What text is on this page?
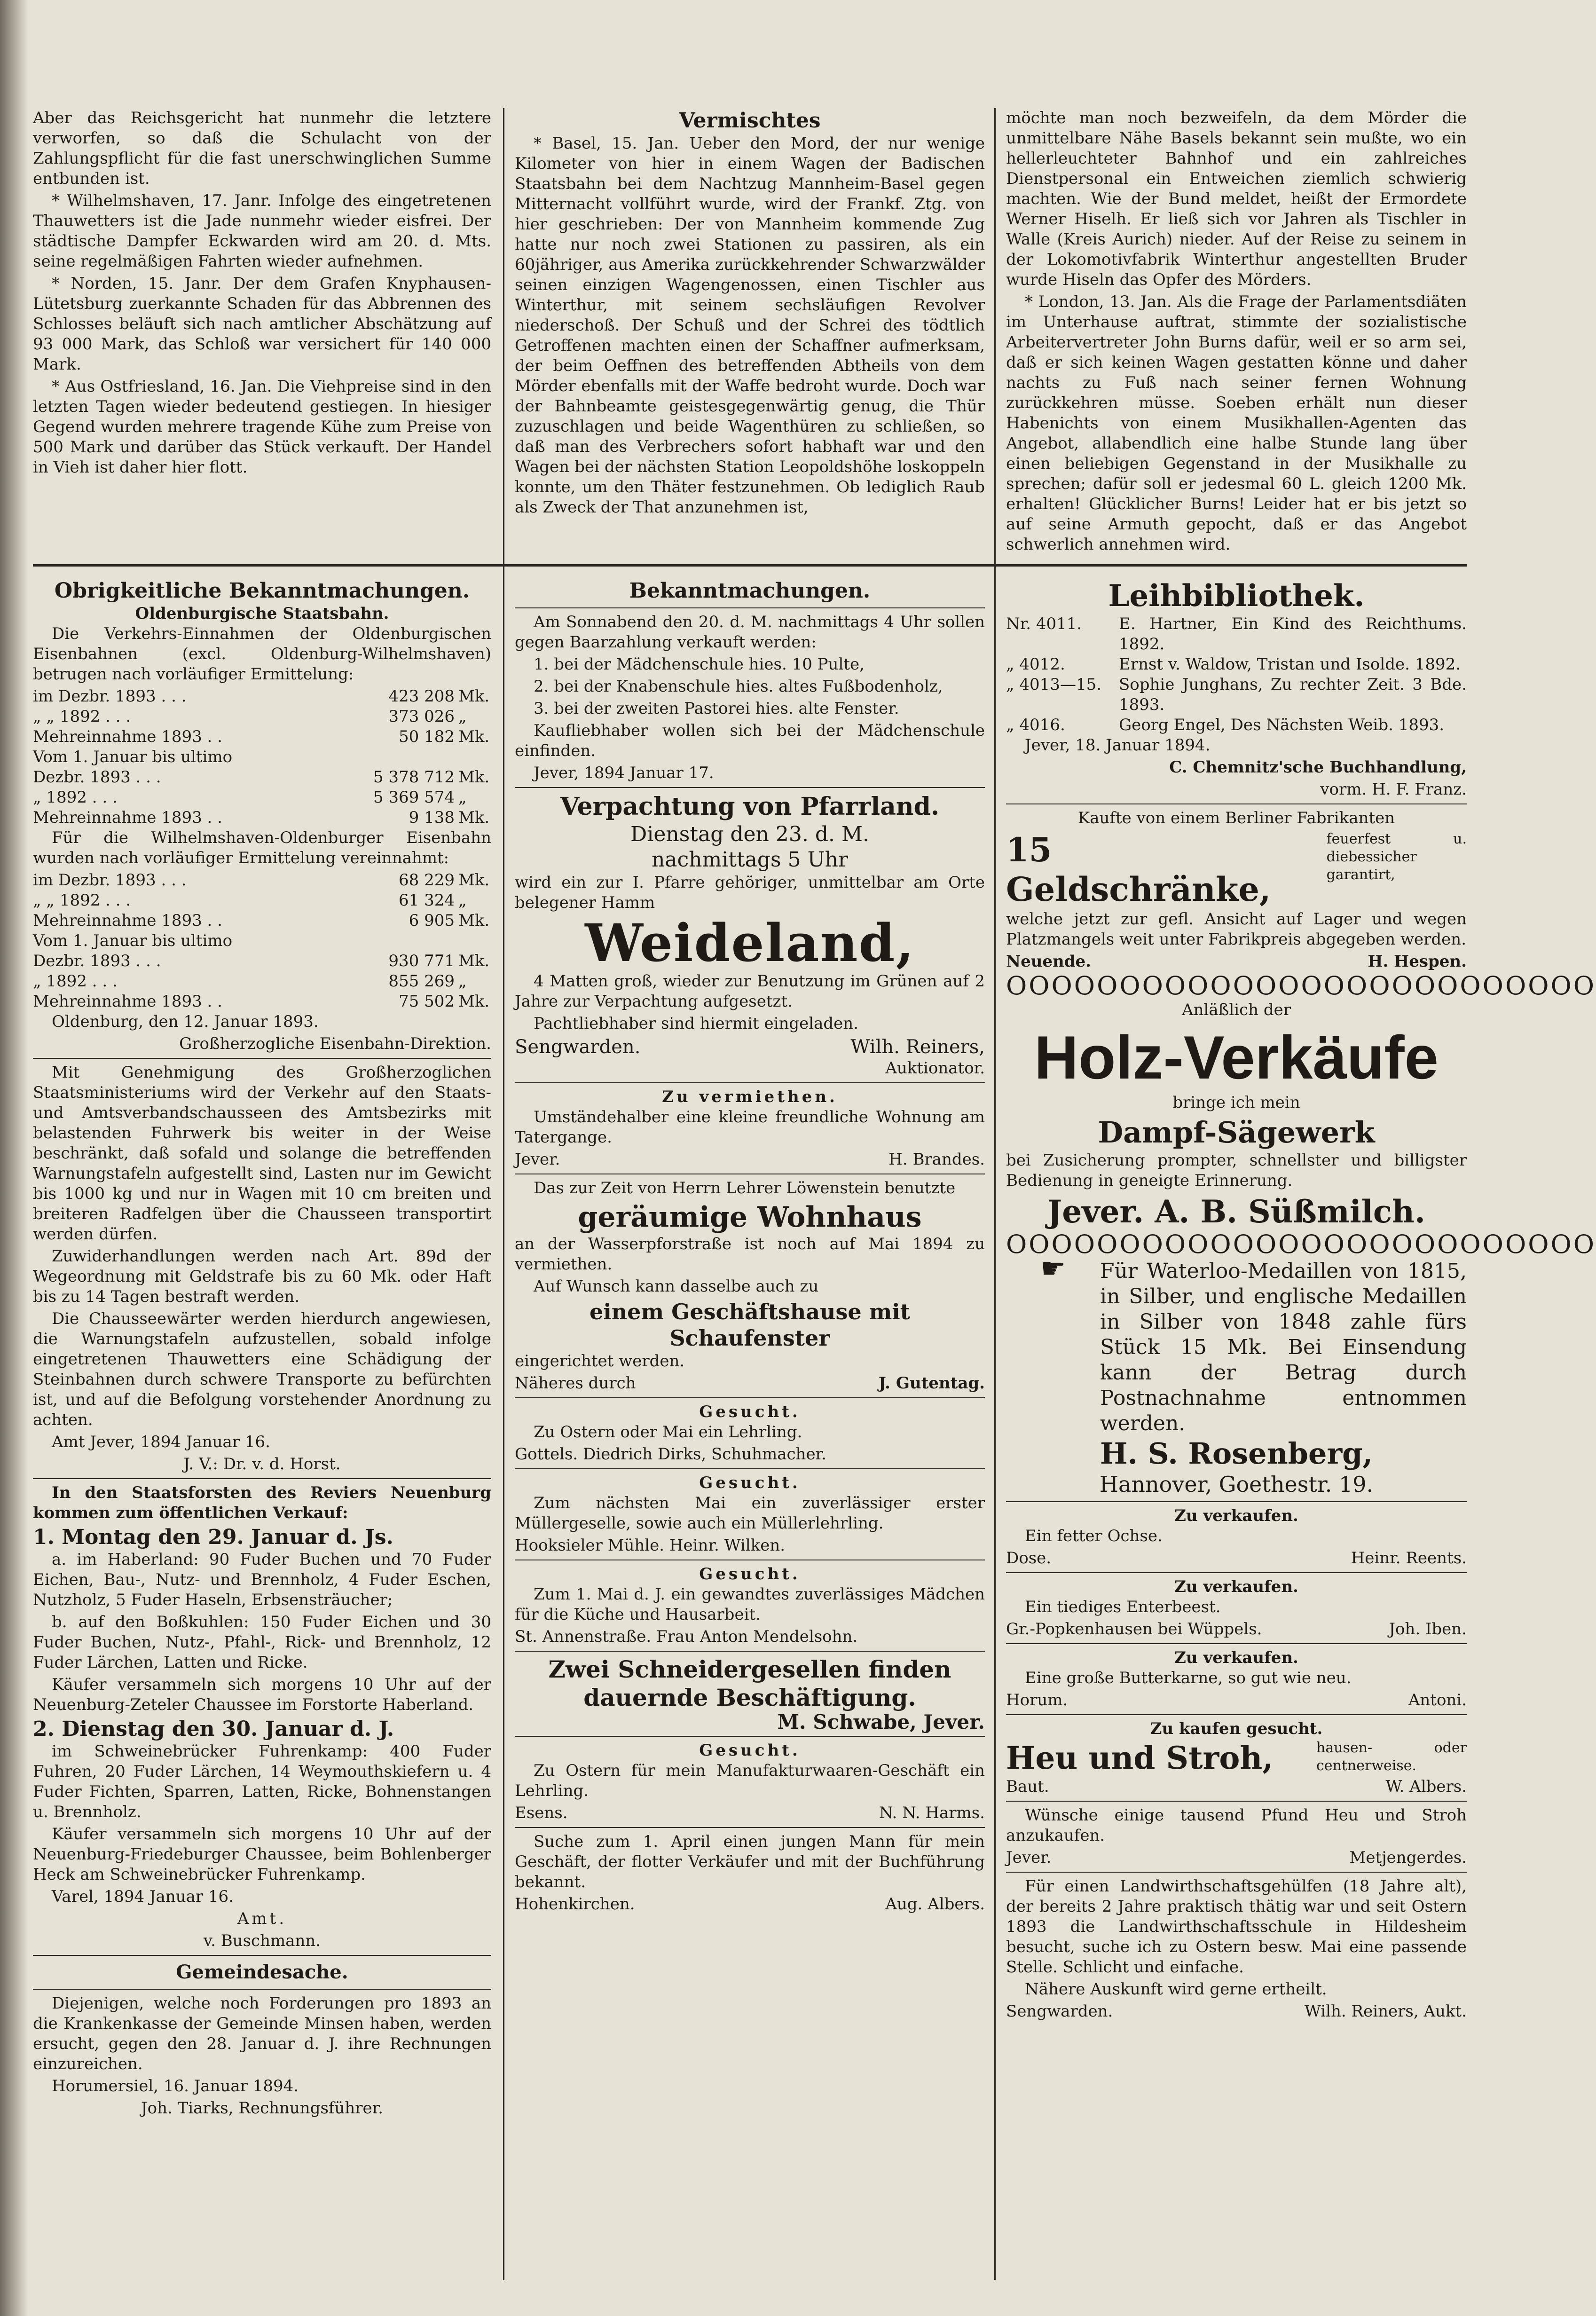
Aber das Reichsgericht hat nunmehr die letztere verworfen, so daß die Schulacht von der Zahlungspflicht für die fast unerschwinglichen Summe entbunden ist.

* Wilhelmshaven, 17. Janr. Infolge des eingetretenen Thauwetters ist die Jade nunmehr wieder eisfrei. Der städtische Dampfer Eckwarden wird am 20. d. Mts. seine regelmäßigen Fahrten wieder aufnehmen.

* Norden, 15. Janr. Der dem Grafen Knyphausen-Lütetsburg zuerkannte Schaden für das Abbrennen des Schlosses beläuft sich nach amtlicher Abschätzung auf 93 000 Mark, das Schloß war versichert für 140 000 Mark.

* Aus Ostfriesland, 16. Jan. Die Viehpreise sind in den letzten Tagen wieder bedeutend gestiegen. In hiesiger Gegend wurden mehrere tragende Kühe zum Preise von 500 Mark und darüber das Stück verkauft. Der Handel in Vieh ist daher hier flott.

Vermischtes

* Basel, 15. Jan. Ueber den Mord, der nur wenige Kilometer von hier in einem Wagen der Badischen Staatsbahn bei dem Nachtzug Mannheim-Basel gegen Mitternacht vollführt wurde, wird der Frankf. Ztg. von hier geschrieben: Der von Mannheim kommende Zug hatte nur noch zwei Stationen zu passiren, als ein 60jähriger, aus Amerika zurückkehrender Schwarzwälder seinen einzigen Wagengenossen, einen Tischler aus Winterthur, mit seinem sechsläufigen Revolver niederschoß. Der Schuß und der Schrei des tödtlich Getroffenen machten einen der Schaffner aufmerksam, der beim Oeffnen des betreffenden Abtheils von dem Mörder ebenfalls mit der Waffe bedroht wurde. Doch war der Bahnbeamte geistesgegenwärtig genug, die Thür zuzuschlagen und beide Wagenthüren zu schließen, so daß man des Verbrechers sofort habhaft war und den Wagen bei der nächsten Station Leopoldshöhe loskoppeln konnte, um den Thäter festzunehmen. Ob lediglich Raub als Zweck der That anzunehmen ist,

möchte man noch bezweifeln, da dem Mörder die unmittelbare Nähe Basels bekannt sein mußte, wo ein hellerleuchteter Bahnhof und ein zahlreiches Dienstpersonal ein Entweichen ziemlich schwierig machten. Wie der Bund meldet, heißt der Ermordete Werner Hiselh. Er ließ sich vor Jahren als Tischler in Walle (Kreis Aurich) nieder. Auf der Reise zu seinem in der Lokomotivfabrik Winterthur angestellten Bruder wurde Hiseln das Opfer des Mörders.

* London, 13. Jan. Als die Frage der Parlamentsdiäten im Unterhause auftrat, stimmte der sozialistische Arbeitervertreter John Burns dafür, weil er so arm sei, daß er sich keinen Wagen gestatten könne und daher nachts zu Fuß nach seiner fernen Wohnung zurückkehren müsse. Soeben erhält nun dieser Habenichts von einem Musikhallen-Agenten das Angebot, allabendlich eine halbe Stunde lang über einen beliebigen Gegenstand in der Musikhalle zu sprechen; dafür soll er jedesmal 60 L. gleich 1200 Mk. erhalten! Glücklicher Burns! Leider hat er bis jetzt so auf seine Armuth gepocht, daß er das Angebot schwerlich annehmen wird.

Obrigkeitliche Bekanntmachungen.
Oldenburgische Staatsbahn.

Die Verkehrs-Einnahmen der Oldenburgischen Eisenbahnen (excl. Oldenburg-Wilhelmshaven) betrugen nach vorläufiger Ermittelung:

im Dezbr. 1893 . . .	423 208 Mk.
„ „ 1892 . . .	373 026 „
Mehreinnahme 1893 . .	50 182 Mk.
Vom 1. Januar bis ultimo
Dezbr. 1893 . . .	5 378 712 Mk.
„ 1892 . . .	5 369 574 „
Mehreinnahme 1893 . .	9 138 Mk.

Für die Wilhelmshaven-Oldenburger Eisenbahn wurden nach vorläufiger Ermittelung vereinnahmt:

im Dezbr. 1893 . . .	68 229 Mk.
„ „ 1892 . . .	61 324 „
Mehreinnahme 1893 . .	6 905 Mk.
Vom 1. Januar bis ultimo
Dezbr. 1893 . . .	930 771 Mk.
„ 1892 . . .	855 269 „
Mehreinnahme 1893 . .	75 502 Mk.

Oldenburg, den 12. Januar 1893.

Großherzogliche Eisenbahn-Direktion.

Mit Genehmigung des Großherzoglichen Staatsministeriums wird der Verkehr auf den Staats- und Amtsverbandschausseen des Amtsbezirks mit belastenden Fuhrwerk bis weiter in der Weise beschränkt, daß sofald und solange die betreffenden Warnungstafeln aufgestellt sind, Lasten nur im Gewicht bis 1000 kg und nur in Wagen mit 10 cm breiten und breiteren Radfelgen über die Chausseen transportirt werden dürfen.

Zuwiderhandlungen werden nach Art. 89d der Wegeordnung mit Geldstrafe bis zu 60 Mk. oder Haft bis zu 14 Tagen bestraft werden.

Die Chausseewärter werden hierdurch angewiesen, die Warnungstafeln aufzustellen, sobald infolge eingetretenen Thauwetters eine Schädigung der Steinbahnen durch schwere Transporte zu befürchten ist, und auf die Befolgung vorstehender Anordnung zu achten.

Amt Jever, 1894 Januar 16.

J. V.: Dr. v. d. Horst.

In den Staatsforsten des Reviers Neuenburg kommen zum öffentlichen Verkauf:

1. Montag den 29. Januar d. Js.

a. im Haberland: 90 Fuder Buchen und 70 Fuder Eichen, Bau-, Nutz- und Brennholz, 4 Fuder Eschen, Nutzholz, 5 Fuder Haseln, Erbsensträucher;

b. auf den Boßkuhlen: 150 Fuder Eichen und 30 Fuder Buchen, Nutz-, Pfahl-, Rick- und Brennholz, 12 Fuder Lärchen, Latten und Ricke.

Käufer versammeln sich morgens 10 Uhr auf der Neuenburg-Zeteler Chaussee im Forstorte Haberland.

2. Dienstag den 30. Januar d. J.

im Schweinebrücker Fuhrenkamp: 400 Fuder Fuhren, 20 Fuder Lärchen, 14 Weymouthskiefern u. 4 Fuder Fichten, Sparren, Latten, Ricke, Bohnenstangen u. Brennholz.

Käufer versammeln sich morgens 10 Uhr auf der Neuenburg-Friedeburger Chaussee, beim Bohlenberger Heck am Schweinebrücker Fuhrenkamp.

Varel, 1894 Januar 16.

Amt.

v. Buschmann.

Gemeindesache.

Diejenigen, welche noch Forderungen pro 1893 an die Krankenkasse der Gemeinde Minsen haben, werden ersucht, gegen den 28. Januar d. J. ihre Rechnungen einzureichen.

Horumersiel, 16. Januar 1894.

Joh. Tiarks, Rechnungsführer.

Bekanntmachungen.

Am Sonnabend den 20. d. M. nachmittags 4 Uhr sollen gegen Baarzahlung verkauft werden:

1. bei der Mädchenschule hies. 10 Pulte,

2. bei der Knabenschule hies. altes Fußbodenholz,

3. bei der zweiten Pastorei hies. alte Fenster.

Kaufliebhaber wollen sich bei der Mädchenschule einfinden.

Jever, 1894 Januar 17.

Verpachtung von Pfarrland.
Dienstag den 23. d. M.
nachmittags 5 Uhr

wird ein zur I. Pfarre gehöriger, unmittelbar am Orte belegener Hamm

Weideland,

4 Matten groß, wieder zur Benutzung im Grünen auf 2 Jahre zur Verpachtung aufgesetzt.

Pachtliebhaber sind hiermit eingeladen.

Sengwarden.	Wilh. Reiners,

Auktionator.

Zu vermiethen.

Umständehalber eine kleine freundliche Wohnung am Tatergange.

Jever.	H. Brandes.

Das zur Zeit von Herrn Lehrer Löwenstein benutzte

geräumige Wohnhaus

an der Wasserpforstraße ist noch auf Mai 1894 zu vermiethen.

Auf Wunsch kann dasselbe auch zu

einem Geschäftshause mit Schaufenster

eingerichtet werden.

Näheres durch	J. Gutentag.
Gesucht.

Zu Ostern oder Mai ein Lehrling.

Gottels. Diedrich Dirks, Schuhmacher.

Gesucht.

Zum nächsten Mai ein zuverlässiger erster Müllergeselle, sowie auch ein Müllerlehrling.

Hooksieler Mühle. Heinr. Wilken.

Gesucht.

Zum 1. Mai d. J. ein gewandtes zuverlässiges Mädchen für die Küche und Hausarbeit.

St. Annenstraße. Frau Anton Mendelsohn.

Zwei Schneidergesellen finden dauernde Beschäftigung.

M. Schwabe, Jever.

Gesucht.

Zu Ostern für mein Manufakturwaaren-Geschäft ein Lehrling.

Esens.	N. N. Harms.

Suche zum 1. April einen jungen Mann für mein Geschäft, der flotter Verkäufer und mit der Buchführung bekannt.

Hohenkirchen.	Aug. Albers.
Leihbibliothek.
Nr. 4011.	E. Hartner, Ein Kind des Reichthums. 1892.
„ 4012.	Ernst v. Waldow, Tristan und Isolde. 1892.
„ 4013—15.	Sophie Junghans, Zu rechter Zeit. 3 Bde. 1893.
„ 4016.	Georg Engel, Des Nächsten Weib. 1893.

Jever, 18. Januar 1894.

C. Chemnitz'sche Buchhandlung,

vorm. H. F. Franz.

Kaufte von einem Berliner Fabrikanten

15 Geldschränke,
feuerfest u. diebessicher garantirt,

welche jetzt zur gefl. Ansicht auf Lager und wegen Platzmangels weit unter Fabrikpreis abgegeben werden.

Neuende.	H. Hespen.
OOOOOOOOOOOOOOOOOOOOOOOOOO

Anläßlich der

Holz-Verkäufe

bringe ich mein

Dampf-Sägewerk

bei Zusicherung prompter, schnellster und billigster Bedienung in geneigte Erinnerung.

Jever. A. B. Süßmilch.
OOOOOOOOOOOOOOOOOOOOOOOOOO
☛	Für Waterloo-Medaillen von 1815, in Silber, und englische Medaillen in Silber von 1848 zahle fürs Stück 15 Mk. Bei Einsendung kann der Betrag durch Postnachnahme entnommen werden.

H. S. Rosenberg,
Hannover, Goethestr. 19.
Zu verkaufen.

Ein fetter Ochse.

Dose.	Heinr. Reents.
Zu verkaufen.

Ein tiediges Enterbeest.

Gr.-Popkenhausen bei Wüppels.	Joh. Iben.
Zu verkaufen.

Eine große Butterkarne, so gut wie neu.

Horum.	Antoni.
Zu kaufen gesucht.
Heu und Stroh,	hausen- oder centnerweise.
Baut.	W. Albers.

Wünsche einige tausend Pfund Heu und Stroh anzukaufen.

Jever.	Metjengerdes.

Für einen Landwirthschaftsgehülfen (18 Jahre alt), der bereits 2 Jahre praktisch thätig war und seit Ostern 1893 die Landwirthschaftsschule in Hildesheim besucht, suche ich zu Ostern besw. Mai eine passende Stelle. Schlicht und einfache.

Nähere Auskunft wird gerne ertheilt.

Sengwarden.	Wilh. Reiners, Aukt.
